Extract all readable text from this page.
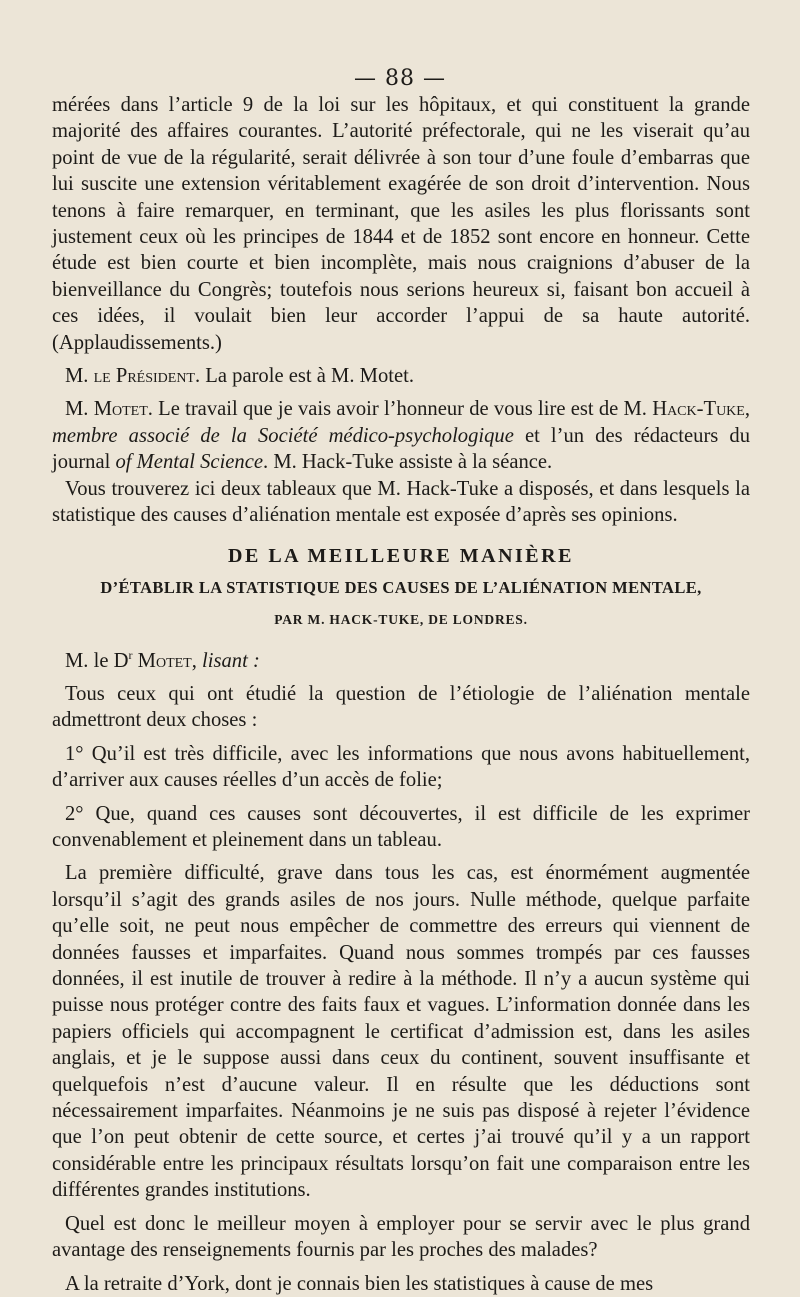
— 88 —

mérées dans l’article 9 de la loi sur les hôpitaux, et qui constituent la grande majorité des affaires courantes. L’autorité préfectorale, qui ne les viserait qu’au point de vue de la régularité, serait délivrée à son tour d’une foule d’embarras que lui suscite une extension véritablement exagérée de son droit d’intervention. Nous tenons à faire remarquer, en terminant, que les asiles les plus florissants sont justement ceux où les principes de 1844 et de 1852 sont encore en honneur. Cette étude est bien courte et bien incomplète, mais nous craignions d’abuser de la bienveillance du Congrès; toutefois nous serions heureux si, faisant bon accueil à ces idées, il voulait bien leur accorder l’appui de sa haute autorité. (Applaudissements.)

M. le Président. La parole est à M. Motet.

M. Motet. Le travail que je vais avoir l’honneur de vous lire est de M. Hack-Tuke, membre associé de la Société médico-psychologique et l’un des rédacteurs du journal of Mental Science. M. Hack-Tuke assiste à la séance.

Vous trouverez ici deux tableaux que M. Hack-Tuke a disposés, et dans lesquels la statistique des causes d’aliénation mentale est exposée d’après ses opinions.

DE LA MEILLEURE MANIÈRE

D’ÉTABLIR LA STATISTIQUE DES CAUSES DE L’ALIÉNATION MENTALE,

PAR M. HACK-TUKE, DE LONDRES.

M. le $D^r$ Motet, lisant :

Tous ceux qui ont étudié la question de l’étiologie de l’aliénation mentale admettront deux choses :

1° Qu’il est très difficile, avec les informations que nous avons habituellement, d’arriver aux causes réelles d’un accès de folie;

2° Que, quand ces causes sont découvertes, il est difficile de les exprimer convenablement et pleinement dans un tableau.

La première difficulté, grave dans tous les cas, est énormément augmentée lorsqu’il s’agit des grands asiles de nos jours. Nulle méthode, quelque parfaite qu’elle soit, ne peut nous empêcher de commettre des erreurs qui viennent de données fausses et imparfaites. Quand nous sommes trompés par ces fausses données, il est inutile de trouver à redire à la méthode. Il n’y a aucun système qui puisse nous protéger contre des faits faux et vagues. L’information donnée dans les papiers officiels qui accompagnent le certificat d’admission est, dans les asiles anglais, et je le suppose aussi dans ceux du continent, souvent insuffisante et quelquefois n’est d’aucune valeur. Il en résulte que les déductions sont nécessairement imparfaites. Néanmoins je ne suis pas disposé à rejeter l’évidence que l’on peut obtenir de cette source, et certes j’ai trouvé qu’il y a un rapport considérable entre les principaux résultats lorsqu’on fait une comparaison entre les différentes grandes institutions.

Quel est donc le meilleur moyen à employer pour se servir avec le plus grand avantage des renseignements fournis par les proches des malades?

A la retraite d’York, dont je connais bien les statistiques à cause de mes
